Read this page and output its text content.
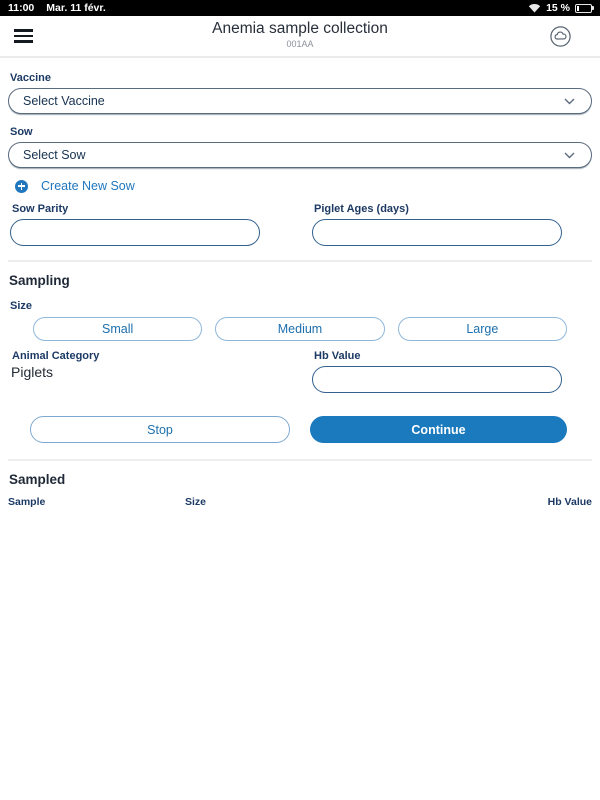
11:00 Mar. 11 févr.	15 %
Anemia sample collection
001AA
Vaccine
Select Vaccine
Sow
Select Sow
Create New Sow
Sow Parity	Piglet Ages (days)
Sampling
Size
Small	Medium	Large
Animal Category
Piglets
Hb Value
Stop	Continue
Sampled
Sample	Size	Hb Value
